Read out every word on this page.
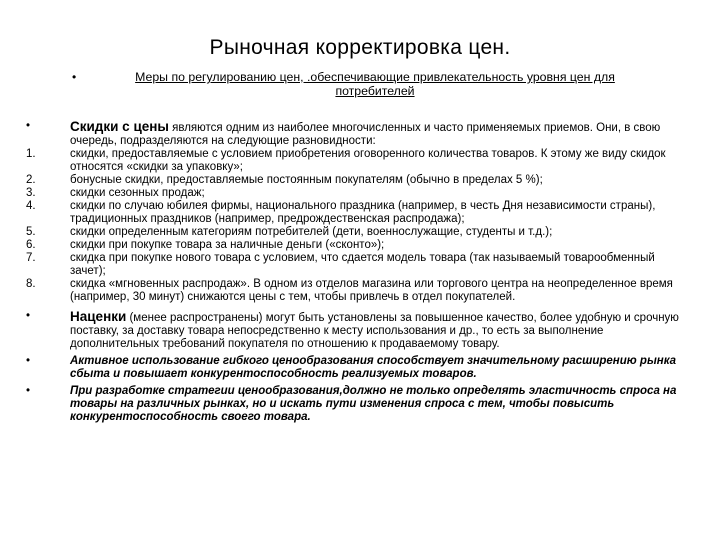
Рыночная корректировка цен.
•	Меры по регулированию цен, .обеспечивающие привлекательность уровня цен для потребителей
•	Скидки с цены являются одним из наиболее многочисленных и часто применяемых приемов. Они, в свою очередь, подразделяются на следующие разновидности:
1.	скидки, предоставляемые с условием приобретения оговоренного количества товаров. К этому же виду скидок относятся «скидки за упаковку»;
2.	бонусные скидки, предоставляемые постоянным покупателям (обычно в пределах 5 %);
3.	скидки сезонных продаж;
4.	скидки по случаю юбилея фирмы, национального праздника (например, в честь Дня независимости страны), традиционных праздников (например, предрождественская распродажа);
5.	скидки определенным категориям потребителей (дети, военнослужащие, студенты и т.д.);
6.	скидки при покупке товара за наличные деньги («сконто»);
7.	скидка при покупке нового товара с условием, что сдается модель товара (так называемый товарообменный зачет);
8.	скидка «мгновенных распродаж». В одном из отделов магазина или торгового центра на неопределенное время (например, 30 минут) снижаются цены с тем, чтобы привлечь в отдел покупателей.
•	Наценки (менее распространены) могут быть установлены за повышенное качество, более удобную и срочную поставку, за доставку товара непосредственно к месту использования и др., то есть за выполнение дополнительных требований покупателя по отношению к продаваемому товару.
•	Активное использование гибкого ценообразования способствует значительному расширению рынка сбыта и повышает конкурентоспособность реализуемых товаров.
•	При разработке стратегии ценообразования,должно не только определять эластичность спроса на товары на различных рынках, но и искать пути изменения спроса с тем, чтобы повысить конкурентоспособность своего товара.
